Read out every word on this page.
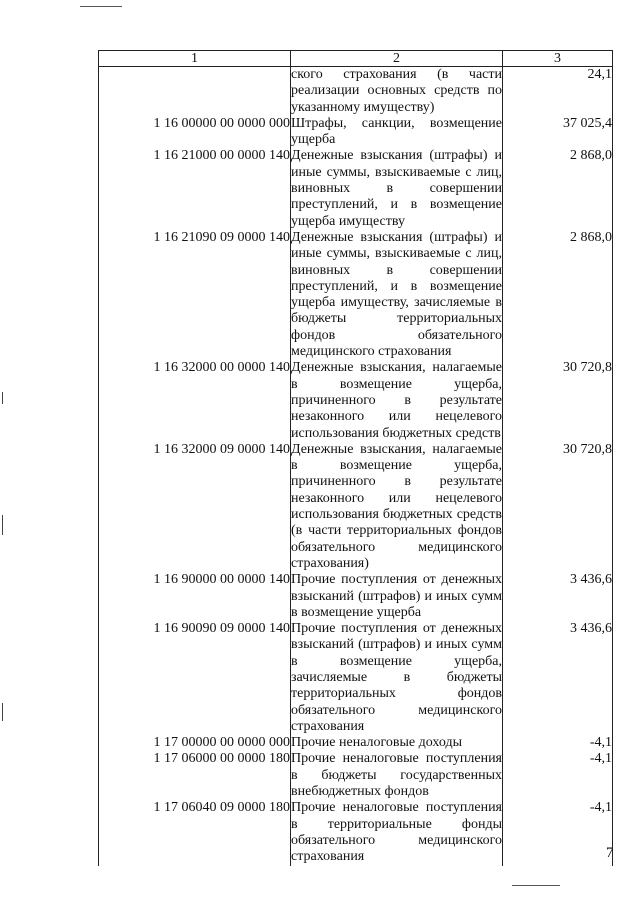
1	2	3
	ского страхования (в части реализации основных средств по указанному имуществу)	24,1
1 16 00000 00 0000 000	Штрафы, санкции, возмещение ущерба	37 025,4
1 16 21000 00 0000 140	Денежные взыскания (штрафы) и иные суммы, взыскиваемые с лиц, виновных в совершении преступлений, и в возмещение ущерба имуществу	2 868,0
1 16 21090 09 0000 140	Денежные взыскания (штрафы) и иные суммы, взыскиваемые с лиц, виновных в совершении преступлений, и в возмещение ущерба имуществу, зачисляемые в бюджеты территориальных фондов обязательного медицинского страхования	2 868,0
1 16 32000 00 0000 140	Денежные взыскания, налагаемые в возмещение ущерба, причиненного в результате незаконного или нецелевого использования бюджетных средств	30 720,8
1 16 32000 09 0000 140	Денежные взыскания, налагаемые в возмещение ущерба, причиненного в результате незаконного или нецелевого использования бюджетных средств (в части территориальных фондов обязательного медицинского страхования)	30 720,8
1 16 90000 00 0000 140	Прочие поступления от денежных взысканий (штрафов) и иных сумм в возмещение ущерба	3 436,6
1 16 90090 09 0000 140	Прочие поступления от денежных взысканий (штрафов) и иных сумм в возмещение ущерба, зачисляемые в бюджеты территориальных фондов обязательного медицинского страхования	3 436,6
1 17 00000 00 0000 000	Прочие неналоговые доходы	-4,1
1 17 06000 00 0000 180	Прочие неналоговые поступления в бюджеты государственных внебюджетных фондов	-4,1
1 17 06040 09 0000 180	Прочие неналоговые поступления в территориальные фонды обязательного медицинского страхования	-4,1
7
